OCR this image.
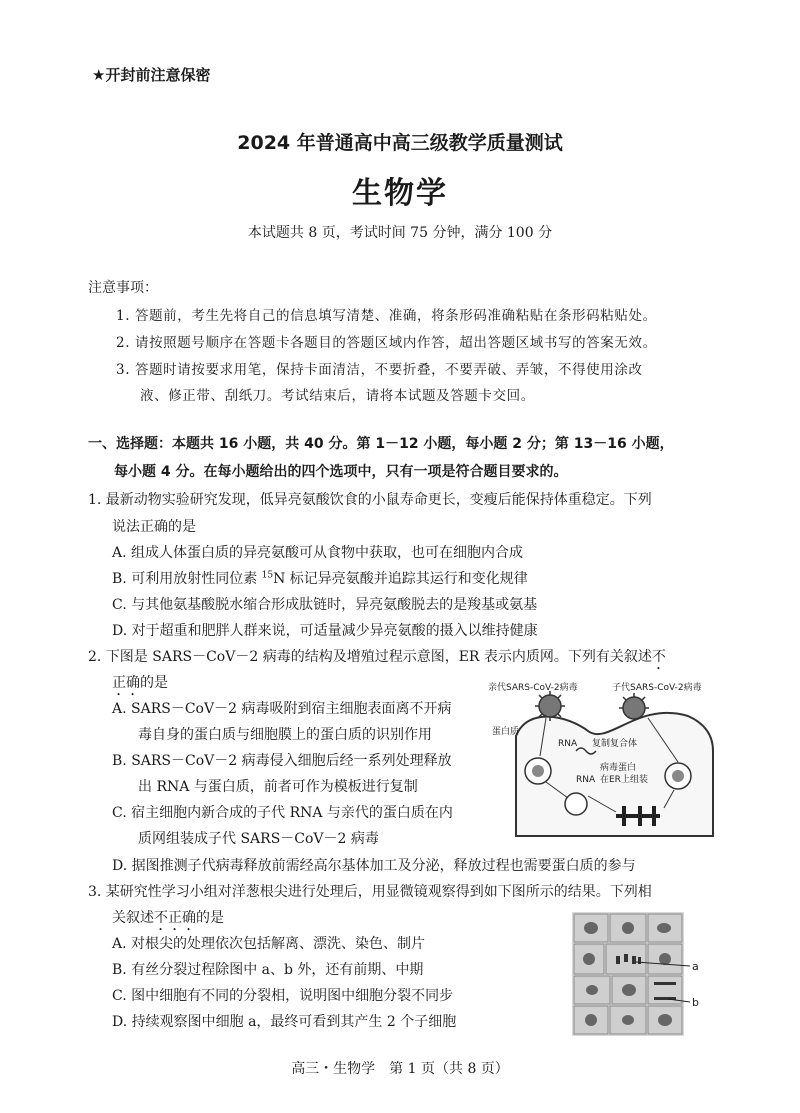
★开封前注意保密

2024 年普通高中高三级教学质量测试
生物学

本试题共 8 页，考试时间 75 分钟，满分 100 分

注意事项：

1. 答题前，考生先将自己的信息填写清楚、准确，将条形码准确粘贴在条形码粘贴处。

2. 请按照题号顺序在答题卡各题目的答题区域内作答，超出答题区域书写的答案无效。

3. 答题时请按要求用笔，保持卡面清洁，不要折叠，不要弄破、弄皱，不得使用涂改

液、修正带、刮纸刀。考试结束后，请将本试题及答题卡交回。

一、选择题：本题共 16 小题，共 40 分。第 1－12 小题，每小题 2 分；第 13－16 小题，

每小题 4 分。在每小题给出的四个选项中，只有一项是符合题目要求的。

1. 最新动物实验研究发现，低异亮氨酸饮食的小鼠寿命更长，变瘦后能保持体重稳定。下列

说法正确的是

A. 组成人体蛋白质的异亮氨酸可从食物中获取，也可在细胞内合成

B. 可利用放射性同位素 $^{15}$N 标记异亮氨酸并追踪其运行和变化规律

C. 与其他氨基酸脱水缩合形成肽链时，异亮氨酸脱去的是羧基或氨基

D. 对于超重和肥胖人群来说，可适量减少异亮氨酸的摄入以维持健康

2. 下图是 SARS－CoV－2 病毒的结构及增殖过程示意图，ER 表示内质网。下列有关叙述不

正确的是

A. SARS－CoV－2 病毒吸附到宿主细胞表面离不开病

毒自身的蛋白质与细胞膜上的蛋白质的识别作用

B. SARS－CoV－2 病毒侵入细胞后经一系列处理释放

出 RNA 与蛋白质，前者可作为模板进行复制

C. 宿主细胞内新合成的子代 RNA 与亲代的蛋白质在内

质网组装成子代 SARS－CoV－2 病毒

D. 据图推测子代病毒释放前需经高尔基体加工及分泌，释放过程也需要蛋白质的参与

亲代SARS-CoV-2病毒	子代SARS-CoV-2病毒
蛋白质
RNA 复制复合体
RNA
病毒蛋白
在ER上组装

3. 某研究性学习小组对洋葱根尖进行处理后，用显微镜观察得到如下图所示的结果。下列相

关叙述不正确的是

A. 对根尖的处理依次包括解离、漂洗、染色、制片

B. 有丝分裂过程除图中 a、b 外，还有前期、中期

C. 图中细胞有不同的分裂相，说明图中细胞分裂不同步

D. 持续观察图中细胞 a，最终可看到其产生 2 个子细胞

a
b

高三・生物学　第 1 页（共 8 页）
